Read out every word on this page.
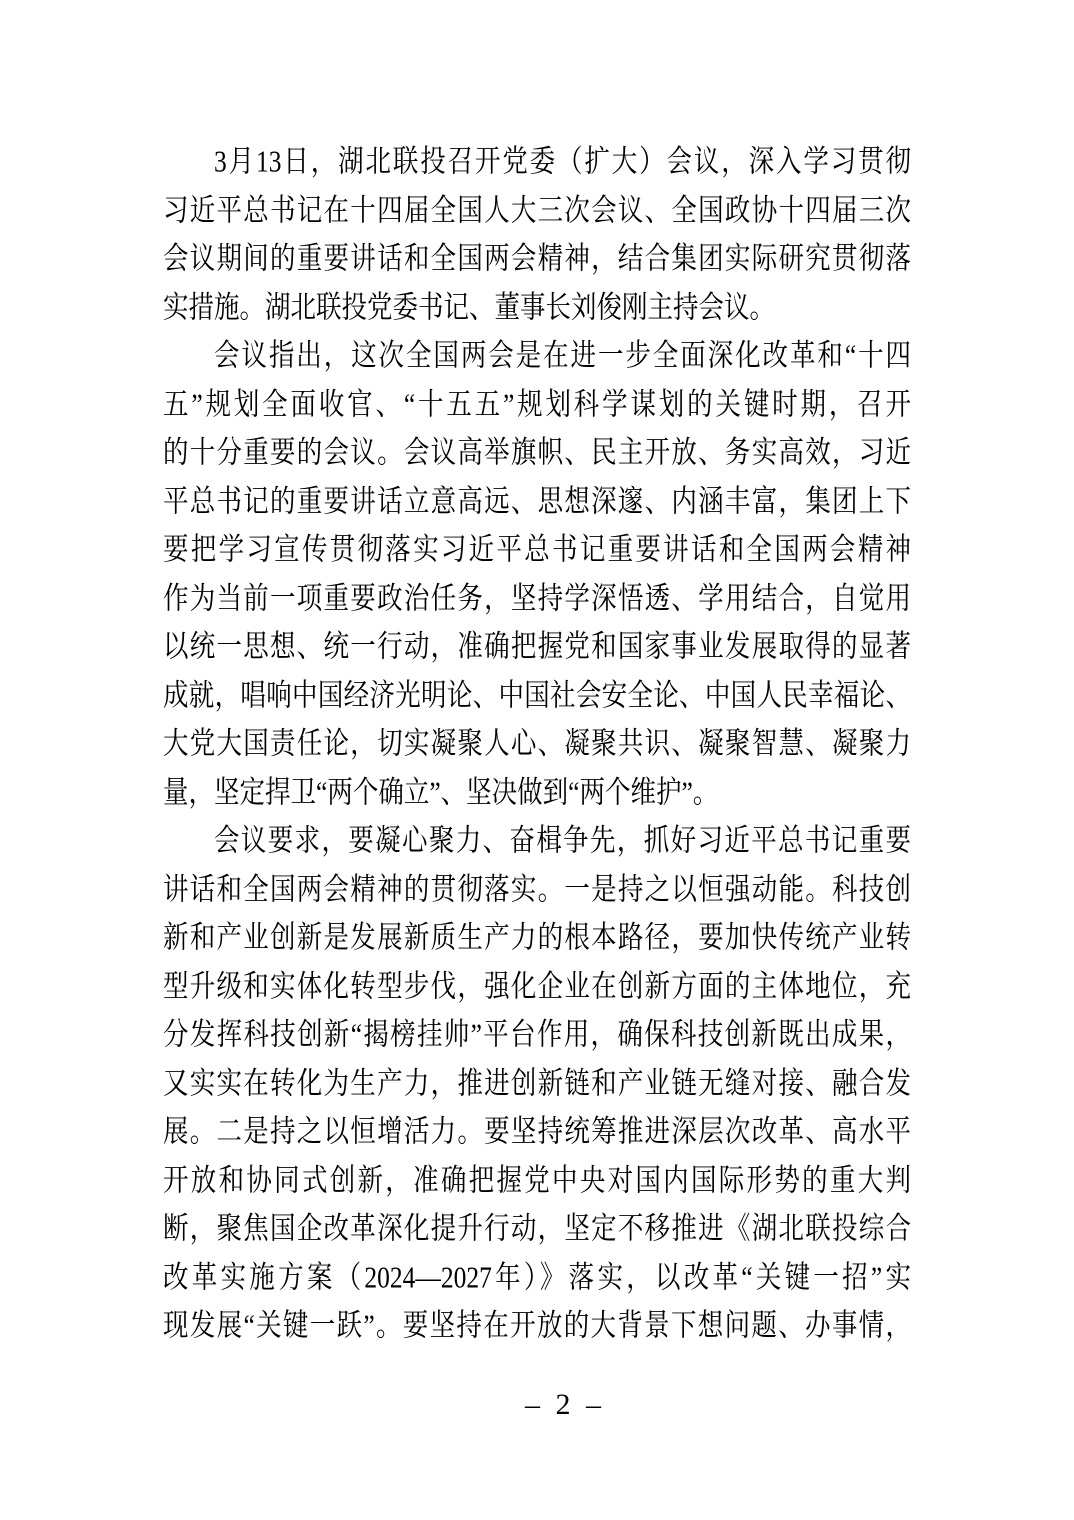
3月13日，湖北联投召开党委（扩大）会议，深入学习贯彻
习近平总书记在十四届全国人大三次会议、全国政协十四届三次
会议期间的重要讲话和全国两会精神，结合集团实际研究贯彻落
实措施。湖北联投党委书记、董事长刘俊刚主持会议。
会议指出，这次全国两会是在进一步全面深化改革和“十四
五”规划全面收官、“十五五”规划科学谋划的关键时期，召开
的十分重要的会议。会议高举旗帜、民主开放、务实高效，习近
平总书记的重要讲话立意高远、思想深邃、内涵丰富，集团上下
要把学习宣传贯彻落实习近平总书记重要讲话和全国两会精神
作为当前一项重要政治任务，坚持学深悟透、学用结合，自觉用
以统一思想、统一行动，准确把握党和国家事业发展取得的显著
成就，唱响中国经济光明论、中国社会安全论、中国人民幸福论、
大党大国责任论，切实凝聚人心、凝聚共识、凝聚智慧、凝聚力
量，坚定捍卫“两个确立”、坚决做到“两个维护”。
会议要求，要凝心聚力、奋楫争先，抓好习近平总书记重要
讲话和全国两会精神的贯彻落实。一是持之以恒强动能。科技创
新和产业创新是发展新质生产力的根本路径，要加快传统产业转
型升级和实体化转型步伐，强化企业在创新方面的主体地位，充
分发挥科技创新“揭榜挂帅”平台作用，确保科技创新既出成果，
又实实在转化为生产力，推进创新链和产业链无缝对接、融合发
展。二是持之以恒增活力。要坚持统筹推进深层次改革、高水平
开放和协同式创新，准确把握党中央对国内国际形势的重大判
断，聚焦国企改革深化提升行动，坚定不移推进《湖北联投综合
改革实施方案（2024—2027年）》落实，以改革“关键一招”实
现发展“关键一跃”。要坚持在开放的大背景下想问题、办事情，
– 2 –
